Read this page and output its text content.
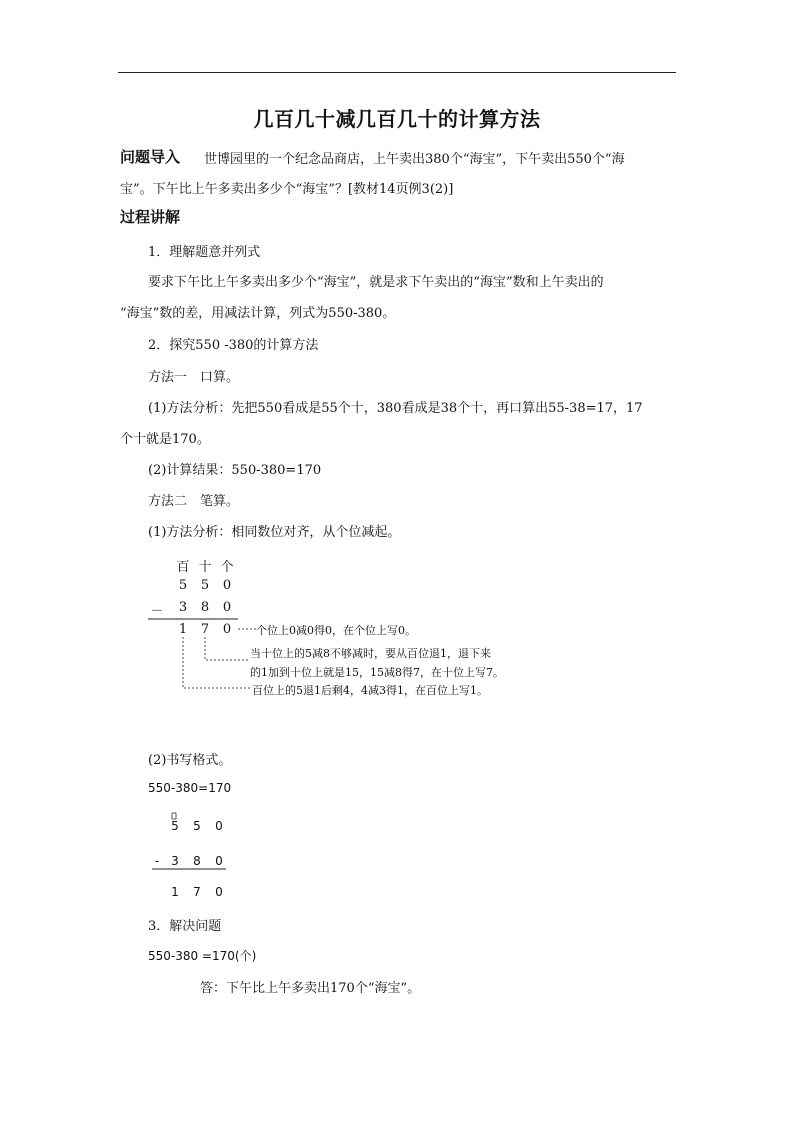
几百几十减几百几十的计算方法
问题导入 世博园里的一个纪念品商店，上午卖出380个“海宝”，下午卖出550个“海
宝”。下午比上午多卖出多少个“海宝”？[教材14页例3(2)]
过程讲解
1．理解题意并列式
要求下午比上午多卖出多少个“海宝”，就是求下午卖出的“海宝”数和上午卖出的
“海宝”数的差，用减法计算，列式为550-380。
2．探究550 -380的计算方法
方法一　口算。
(1)方法分析：先把550看成是55个十，380看成是38个十，再口算出55-38=17，17
个十就是170。
(2)计算结果：550-380=170
方法二　笔算。
(1)方法分析：相同数位对齐，从个位减起。
百 十 个
5 5 0
－ 3 8 0
1 7 0 个位上0减0得0，在个位上写0。
当十位上的5减8不够减时，要从百位退1，退下来
的1加到十位上就是15，15减8得7，在十位上写7。
百位上的5退1后剩4，4减3得1，在百位上写1。
(2)书写格式。
550-380=170
5 5 0
-	3 8 0
1 7 0
3．解决问题
550-380 =170(个)
答：下午比上午多卖出170个“海宝”。
